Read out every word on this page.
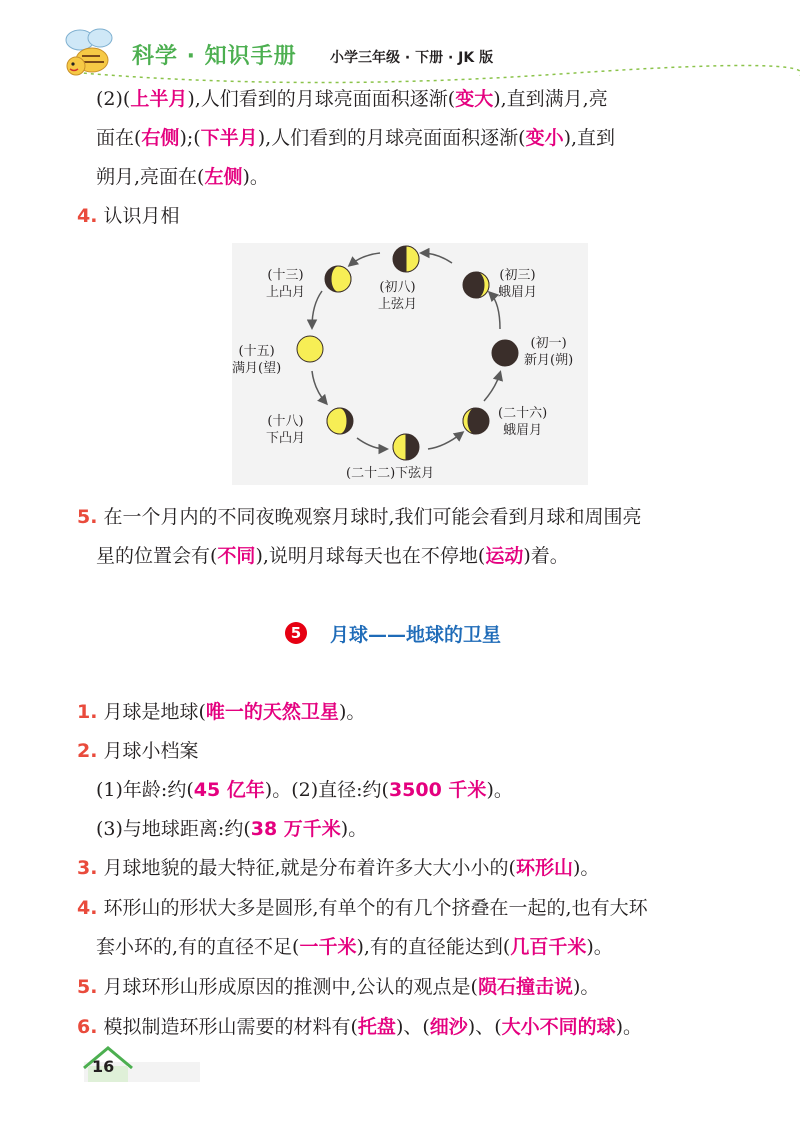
科学 · 知识手册 小学三年级 · 下册 · JK 版
(2)(上半月),人们看到的月球亮面面积逐渐(变大),直到满月,亮
面在(右侧);(下半月),人们看到的月球亮面面积逐渐(变小),直到
朔月,亮面在(左侧)。
4. 认识月相
(十三)
上凸月	(初八)
上弦月
(初三)
蛾眉月
(初一)
新月(朔)
(十五)
满月(望)
(十八)
下凸月
(二十六)
蛾眉月
(二十二)下弦月
5. 在一个月内的不同夜晚观察月球时,我们可能会看到月球和周围亮
星的位置会有(不同),说明月球每天也在不停地(运动)着。
5	月球——地球的卫星
1. 月球是地球(唯一的天然卫星)。
2. 月球小档案
(1)年龄:约(45 亿年)。(2)直径:约(3500 千米)。
(3)与地球距离:约(38 万千米)。
3. 月球地貌的最大特征,就是分布着许多大大小小的(环形山)。
4. 环形山的形状大多是圆形,有单个的有几个挤叠在一起的,也有大环
套小环的,有的直径不足(一千米),有的直径能达到(几百千米)。
5. 月球环形山形成原因的推测中,公认的观点是(陨石撞击说)。
6. 模拟制造环形山需要的材料有(托盘)、(细沙)、(大小不同的球)。
16
